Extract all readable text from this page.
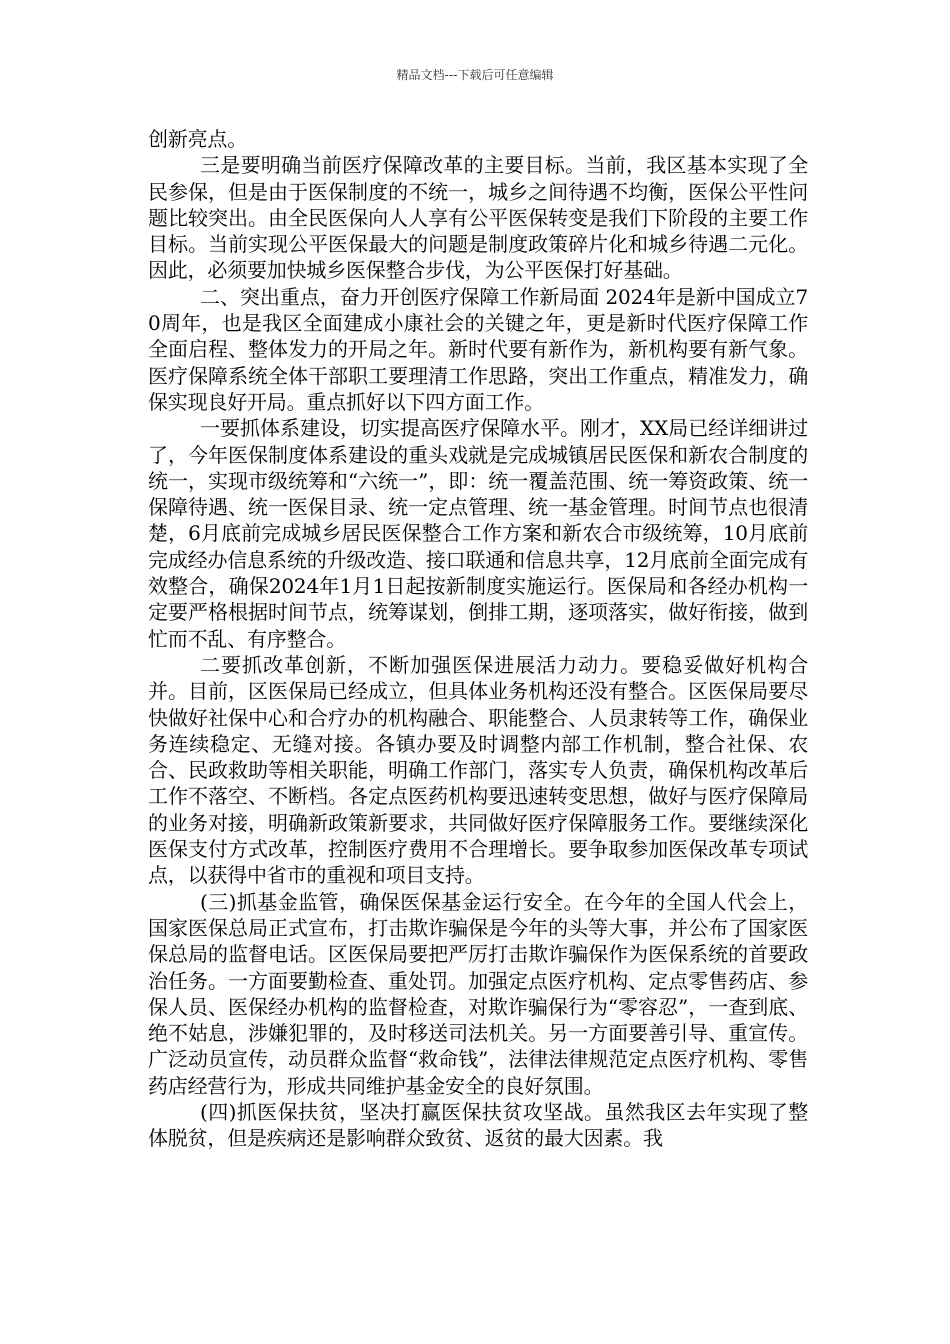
精品文档---下载后可任意编辑

创新亮点。

三是要明确当前医疗保障改革的主要目标。当前，我区基本实现了全民参保，但是由于医保制度的不统一，城乡之间待遇不均衡，医保公平性问题比较突出。由全民医保向人人享有公平医保转变是我们下阶段的主要工作目标。当前实现公平医保最大的问题是制度政策碎片化和城乡待遇二元化。因此，必须要加快城乡医保整合步伐，为公平医保打好基础。

二、突出重点，奋力开创医疗保障工作新局面 2024年是新中国成立70周年，也是我区全面建成小康社会的关键之年，更是新时代医疗保障工作全面启程、整体发力的开局之年。新时代要有新作为，新机构要有新气象。医疗保障系统全体干部职工要理清工作思路，突出工作重点，精准发力，确保实现良好开局。重点抓好以下四方面工作。

一要抓体系建设，切实提高医疗保障水平。刚才，XX局已经详细讲过了，今年医保制度体系建设的重头戏就是完成城镇居民医保和新农合制度的统一，实现市级统筹和“六统一”，即：统一覆盖范围、统一筹资政策、统一保障待遇、统一医保目录、统一定点管理、统一基金管理。时间节点也很清楚，6月底前完成城乡居民医保整合工作方案和新农合市级统筹，10月底前完成经办信息系统的升级改造、接口联通和信息共享，12月底前全面完成有效整合，确保2024年1月1日起按新制度实施运行。医保局和各经办机构一定要严格根据时间节点，统筹谋划，倒排工期，逐项落实，做好衔接，做到忙而不乱、有序整合。

二要抓改革创新，不断加强医保进展活力动力。要稳妥做好机构合并。目前，区医保局已经成立，但具体业务机构还没有整合。区医保局要尽快做好社保中心和合疗办的机构融合、职能整合、人员隶转等工作，确保业务连续稳定、无缝对接。各镇办要及时调整内部工作机制，整合社保、农合、民政救助等相关职能，明确工作部门，落实专人负责，确保机构改革后工作不落空、不断档。各定点医药机构要迅速转变思想，做好与医疗保障局的业务对接，明确新政策新要求，共同做好医疗保障服务工作。要继续深化医保支付方式改革，控制医疗费用不合理增长。要争取参加医保改革专项试点，以获得中省市的重视和项目支持。

(三)抓基金监管，确保医保基金运行安全。在今年的全国人代会上，国家医保总局正式宣布，打击欺诈骗保是今年的头等大事，并公布了国家医保总局的监督电话。区医保局要把严厉打击欺诈骗保作为医保系统的首要政治任务。一方面要勤检查、重处罚。加强定点医疗机构、定点零售药店、参保人员、医保经办机构的监督检查，对欺诈骗保行为“零容忍”，一查到底、绝不姑息，涉嫌犯罪的，及时移送司法机关。另一方面要善引导、重宣传。广泛动员宣传，动员群众监督“救命钱”，法律法律规范定点医疗机构、零售药店经营行为，形成共同维护基金安全的良好氛围。

(四)抓医保扶贫，坚决打赢医保扶贫攻坚战。虽然我区去年实现了整体脱贫，但是疾病还是影响群众致贫、返贫的最大因素。我
